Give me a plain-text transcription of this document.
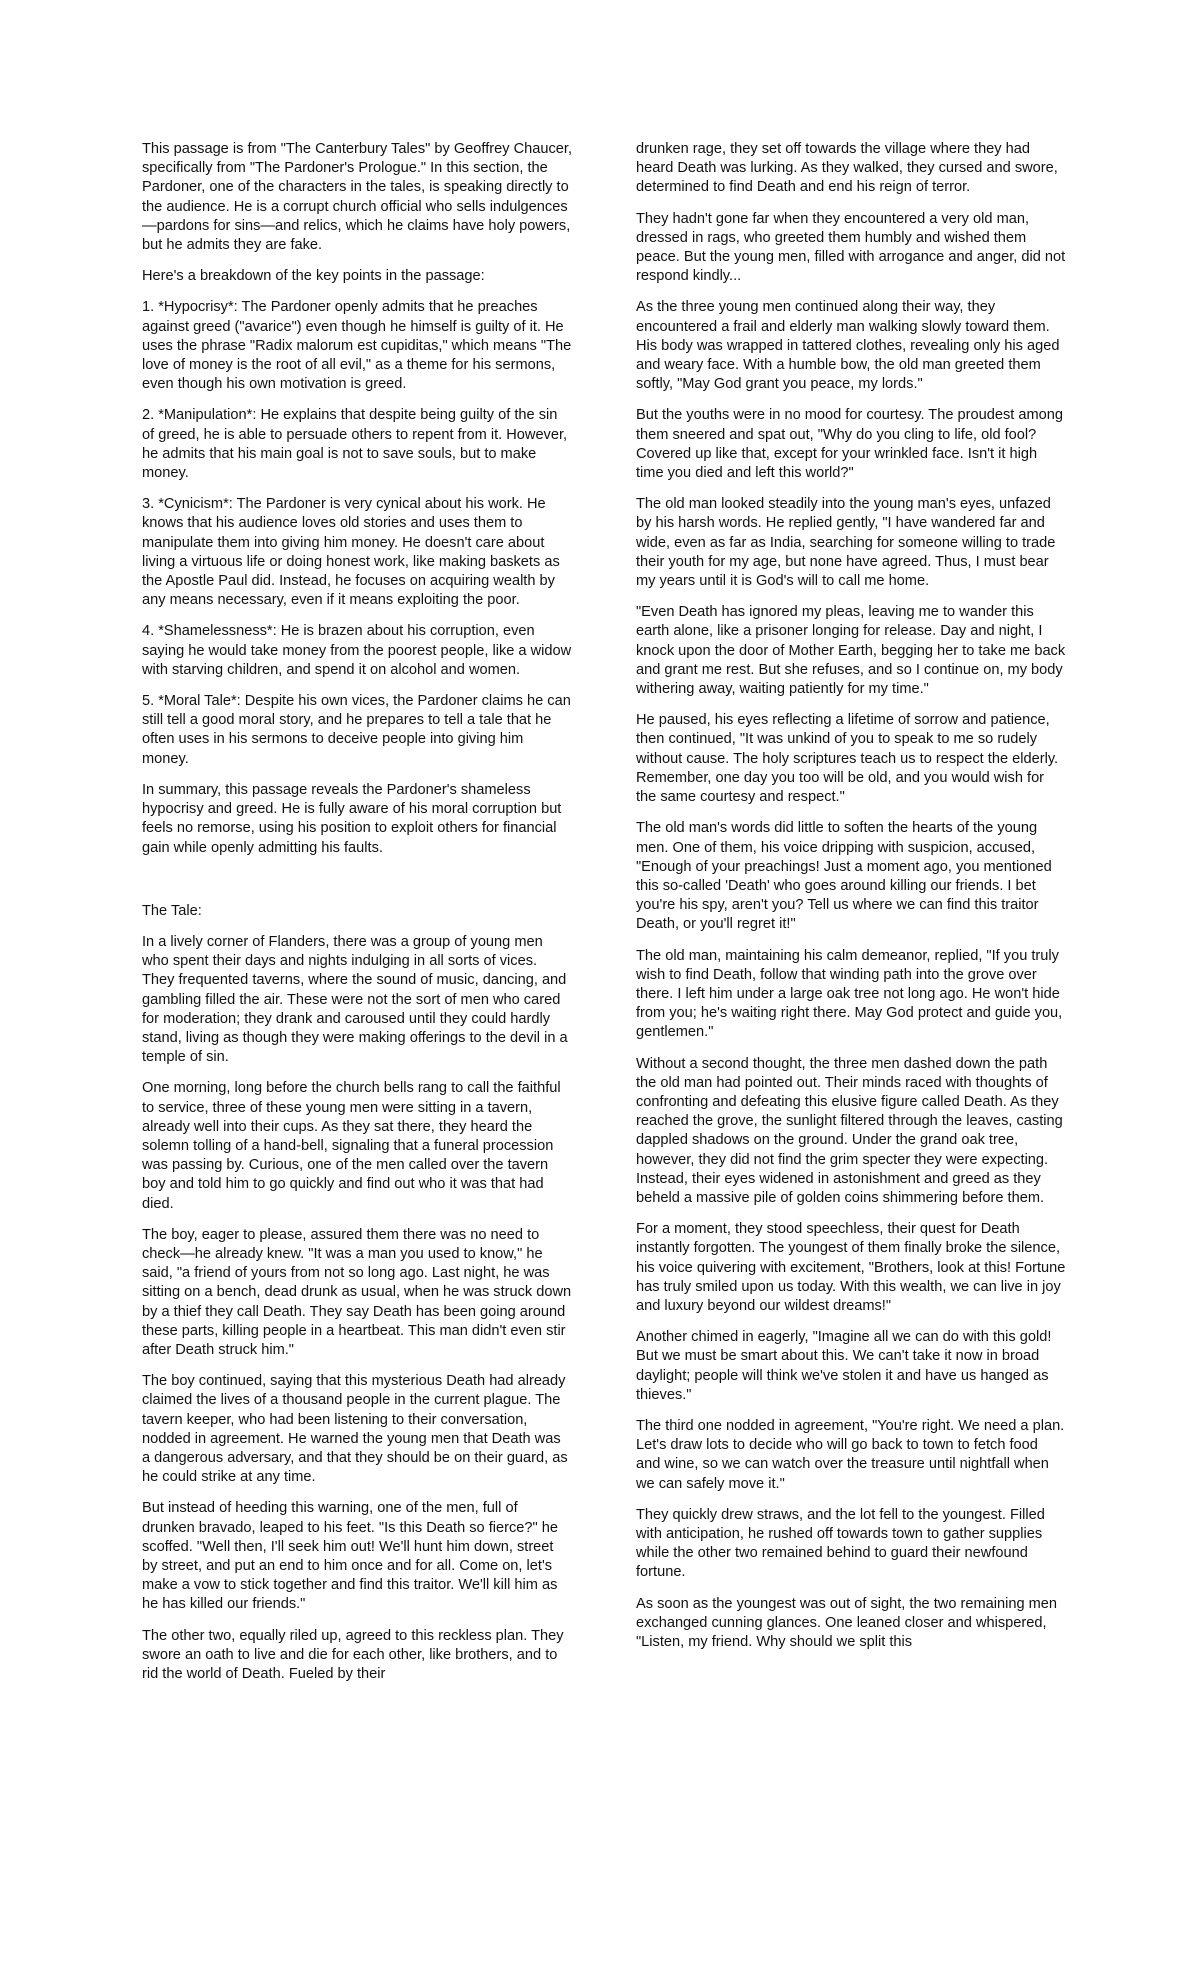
This passage is from "The Canterbury Tales" by Geoffrey Chaucer, specifically from "The Pardoner's Prologue." In this section, the Pardoner, one of the characters in the tales, is speaking directly to the audience. He is a corrupt church official who sells indulgences—pardons for sins—and relics, which he claims have holy powers, but he admits they are fake.

Here's a breakdown of the key points in the passage:

1. *Hypocrisy*: The Pardoner openly admits that he preaches against greed ("avarice") even though he himself is guilty of it. He uses the phrase "Radix malorum est cupiditas," which means "The love of money is the root of all evil," as a theme for his sermons, even though his own motivation is greed.

2. *Manipulation*: He explains that despite being guilty of the sin of greed, he is able to persuade others to repent from it. However, he admits that his main goal is not to save souls, but to make money.

3. *Cynicism*: The Pardoner is very cynical about his work. He knows that his audience loves old stories and uses them to manipulate them into giving him money. He doesn't care about living a virtuous life or doing honest work, like making baskets as the Apostle Paul did. Instead, he focuses on acquiring wealth by any means necessary, even if it means exploiting the poor.

4. *Shamelessness*: He is brazen about his corruption, even saying he would take money from the poorest people, like a widow with starving children, and spend it on alcohol and women.

5. *Moral Tale*: Despite his own vices, the Pardoner claims he can still tell a good moral story, and he prepares to tell a tale that he often uses in his sermons to deceive people into giving him money.

In summary, this passage reveals the Pardoner's shameless hypocrisy and greed. He is fully aware of his moral corruption but feels no remorse, using his position to exploit others for financial gain while openly admitting his faults.

The Tale:

In a lively corner of Flanders, there was a group of young men who spent their days and nights indulging in all sorts of vices. They frequented taverns, where the sound of music, dancing, and gambling filled the air. These were not the sort of men who cared for moderation; they drank and caroused until they could hardly stand, living as though they were making offerings to the devil in a temple of sin.

One morning, long before the church bells rang to call the faithful to service, three of these young men were sitting in a tavern, already well into their cups. As they sat there, they heard the solemn tolling of a hand-bell, signaling that a funeral procession was passing by. Curious, one of the men called over the tavern boy and told him to go quickly and find out who it was that had died.

The boy, eager to please, assured them there was no need to check—he already knew. "It was a man you used to know," he said, "a friend of yours from not so long ago. Last night, he was sitting on a bench, dead drunk as usual, when he was struck down by a thief they call Death. They say Death has been going around these parts, killing people in a heartbeat. This man didn't even stir after Death struck him."

The boy continued, saying that this mysterious Death had already claimed the lives of a thousand people in the current plague. The tavern keeper, who had been listening to their conversation, nodded in agreement. He warned the young men that Death was a dangerous adversary, and that they should be on their guard, as he could strike at any time.

But instead of heeding this warning, one of the men, full of drunken bravado, leaped to his feet. "Is this Death so fierce?" he scoffed. "Well then, I'll seek him out! We'll hunt him down, street by street, and put an end to him once and for all. Come on, let's make a vow to stick together and find this traitor. We'll kill him as he has killed our friends."

The other two, equally riled up, agreed to this reckless plan. They swore an oath to live and die for each other, like brothers, and to rid the world of Death. Fueled by their

drunken rage, they set off towards the village where they had heard Death was lurking. As they walked, they cursed and swore, determined to find Death and end his reign of terror.

They hadn't gone far when they encountered a very old man, dressed in rags, who greeted them humbly and wished them peace. But the young men, filled with arrogance and anger, did not respond kindly...

As the three young men continued along their way, they encountered a frail and elderly man walking slowly toward them. His body was wrapped in tattered clothes, revealing only his aged and weary face. With a humble bow, the old man greeted them softly, "May God grant you peace, my lords."

But the youths were in no mood for courtesy. The proudest among them sneered and spat out, "Why do you cling to life, old fool? Covered up like that, except for your wrinkled face. Isn't it high time you died and left this world?"

The old man looked steadily into the young man's eyes, unfazed by his harsh words. He replied gently, "I have wandered far and wide, even as far as India, searching for someone willing to trade their youth for my age, but none have agreed. Thus, I must bear my years until it is God's will to call me home.

"Even Death has ignored my pleas, leaving me to wander this earth alone, like a prisoner longing for release. Day and night, I knock upon the door of Mother Earth, begging her to take me back and grant me rest. But she refuses, and so I continue on, my body withering away, waiting patiently for my time."

He paused, his eyes reflecting a lifetime of sorrow and patience, then continued, "It was unkind of you to speak to me so rudely without cause. The holy scriptures teach us to respect the elderly. Remember, one day you too will be old, and you would wish for the same courtesy and respect."

The old man's words did little to soften the hearts of the young men. One of them, his voice dripping with suspicion, accused, "Enough of your preachings! Just a moment ago, you mentioned this so-called 'Death' who goes around killing our friends. I bet you're his spy, aren't you? Tell us where we can find this traitor Death, or you'll regret it!"

The old man, maintaining his calm demeanor, replied, "If you truly wish to find Death, follow that winding path into the grove over there. I left him under a large oak tree not long ago. He won't hide from you; he's waiting right there. May God protect and guide you, gentlemen."

Without a second thought, the three men dashed down the path the old man had pointed out. Their minds raced with thoughts of confronting and defeating this elusive figure called Death. As they reached the grove, the sunlight filtered through the leaves, casting dappled shadows on the ground. Under the grand oak tree, however, they did not find the grim specter they were expecting. Instead, their eyes widened in astonishment and greed as they beheld a massive pile of golden coins shimmering before them.

For a moment, they stood speechless, their quest for Death instantly forgotten. The youngest of them finally broke the silence, his voice quivering with excitement, "Brothers, look at this! Fortune has truly smiled upon us today. With this wealth, we can live in joy and luxury beyond our wildest dreams!"

Another chimed in eagerly, "Imagine all we can do with this gold! But we must be smart about this. We can't take it now in broad daylight; people will think we've stolen it and have us hanged as thieves."

The third one nodded in agreement, "You're right. We need a plan. Let's draw lots to decide who will go back to town to fetch food and wine, so we can watch over the treasure until nightfall when we can safely move it."

They quickly drew straws, and the lot fell to the youngest. Filled with anticipation, he rushed off towards town to gather supplies while the other two remained behind to guard their newfound fortune.

As soon as the youngest was out of sight, the two remaining men exchanged cunning glances. One leaned closer and whispered, "Listen, my friend. Why should we split this
